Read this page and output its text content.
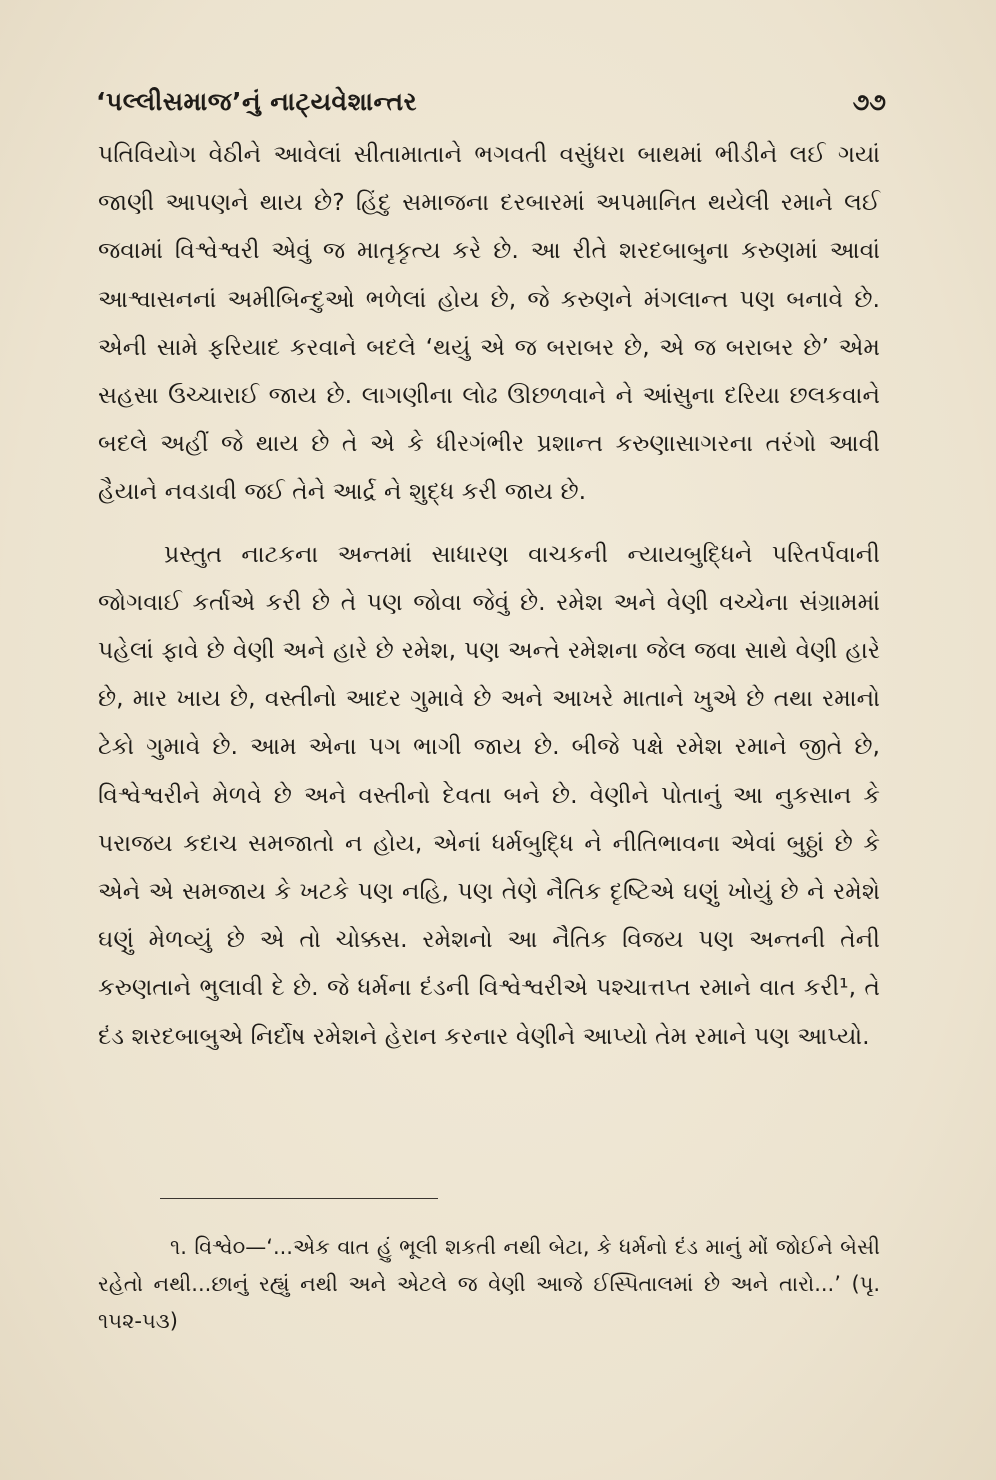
‘પલ્લીસમાજ’નું નાટ્યવેશાન્તર	૭૭

પતિવિયોગ વેઠીને આવેલાં સીતામાતાને ભગવતી વસુંધરા બાથમાં ભીડીને લઈ ગયાં જાણી આપણને થાય છે? હિંદુ સમાજના દરબારમાં અપમાનિત થયેલી રમાને લઈ જવામાં વિશ્વેશ્વરી એવું જ માતૃકૃત્ય કરે છે. આ રીતે શરદબાબુના કરુણમાં આવાં આશ્વાસનનાં અમીબિન્દુઓ ભળેલાં હોય છે, જે કરુણને મંગલાન્ત પણ બનાવે છે. એની સામે ફરિયાદ કરવાને બદલે ‘થયું એ જ બરાબર છે, એ જ બરાબર છે’ એમ સહસા ઉચ્ચારાઈ જાય છે. લાગણીના લોઢ ઊછળવાને ને આંસુના દરિયા છલકવાને બદલે અહીં જે થાય છે તે એ કે ધીરગંભીર પ્રશાન્ત કરુણાસાગરના તરંગો આવી હૈયાને નવડાવી જઈ તેને આર્દ્ર ને શુદ્ધ કરી જાય છે.

પ્રસ્તુત નાટકના અન્તમાં સાધારણ વાચકની ન્યાયબુદ્ધિને પરિતર્પવાની જોગવાઈ કર્તાએ કરી છે તે પણ જોવા જેવું છે. રમેશ અને વેણી વચ્ચેના સંગ્રામમાં પહેલાં ફાવે છે વેણી અને હારે છે રમેશ, પણ અન્તે રમેશના જેલ જવા સાથે વેણી હારે છે, માર ખાય છે, વસ્તીનો આદર ગુમાવે છે અને આખરે માતાને ખુએ છે તથા રમાનો ટેકો ગુમાવે છે. આમ એના પગ ભાગી જાય છે. બીજે પક્ષે રમેશ રમાને જીતે છે, વિશ્વેશ્વરીને મેળવે છે અને વસ્તીનો દેવતા બને છે. વેણીને પોતાનું આ નુકસાન કે પરાજય કદાચ સમજાતો ન હોય, એનાં ધર્મબુદ્ધિ ને નીતિભાવના એવાં બુઠ્ઠાં છે કે એને એ સમજાય કે ખટકે પણ નહિ, પણ તેણે નૈતિક દૃષ્ટિએ ઘણું ખોયું છે ને રમેશે ઘણું મેળવ્યું છે એ તો ચોક્કસ. રમેશનો આ નૈતિક વિજય પણ અન્તની તેની કરુણતાને ભુલાવી દે છે. જે ધર્મના દંડની વિશ્વેશ્વરીએ પશ્ચાત્તપ્ત રમાને વાત કરી¹, તે દંડ શરદબાબુએ નિર્દોષ રમેશને હેરાન કરનાર વેણીને આપ્યો તેમ રમાને પણ આપ્યો.

૧. વિશ્વે૦—‘...એક વાત હું ભૂલી શકતી નથી બેટા, કે ધર્મનો દંડ માનું મોં જોઈને બેસી રહેતો નથી...છાનું રહ્યું નથી અને એટલે જ વેણી આજે ઈસ્પિતાલમાં છે અને તારો...’ (પૃ. ૧૫૨-૫૩)
